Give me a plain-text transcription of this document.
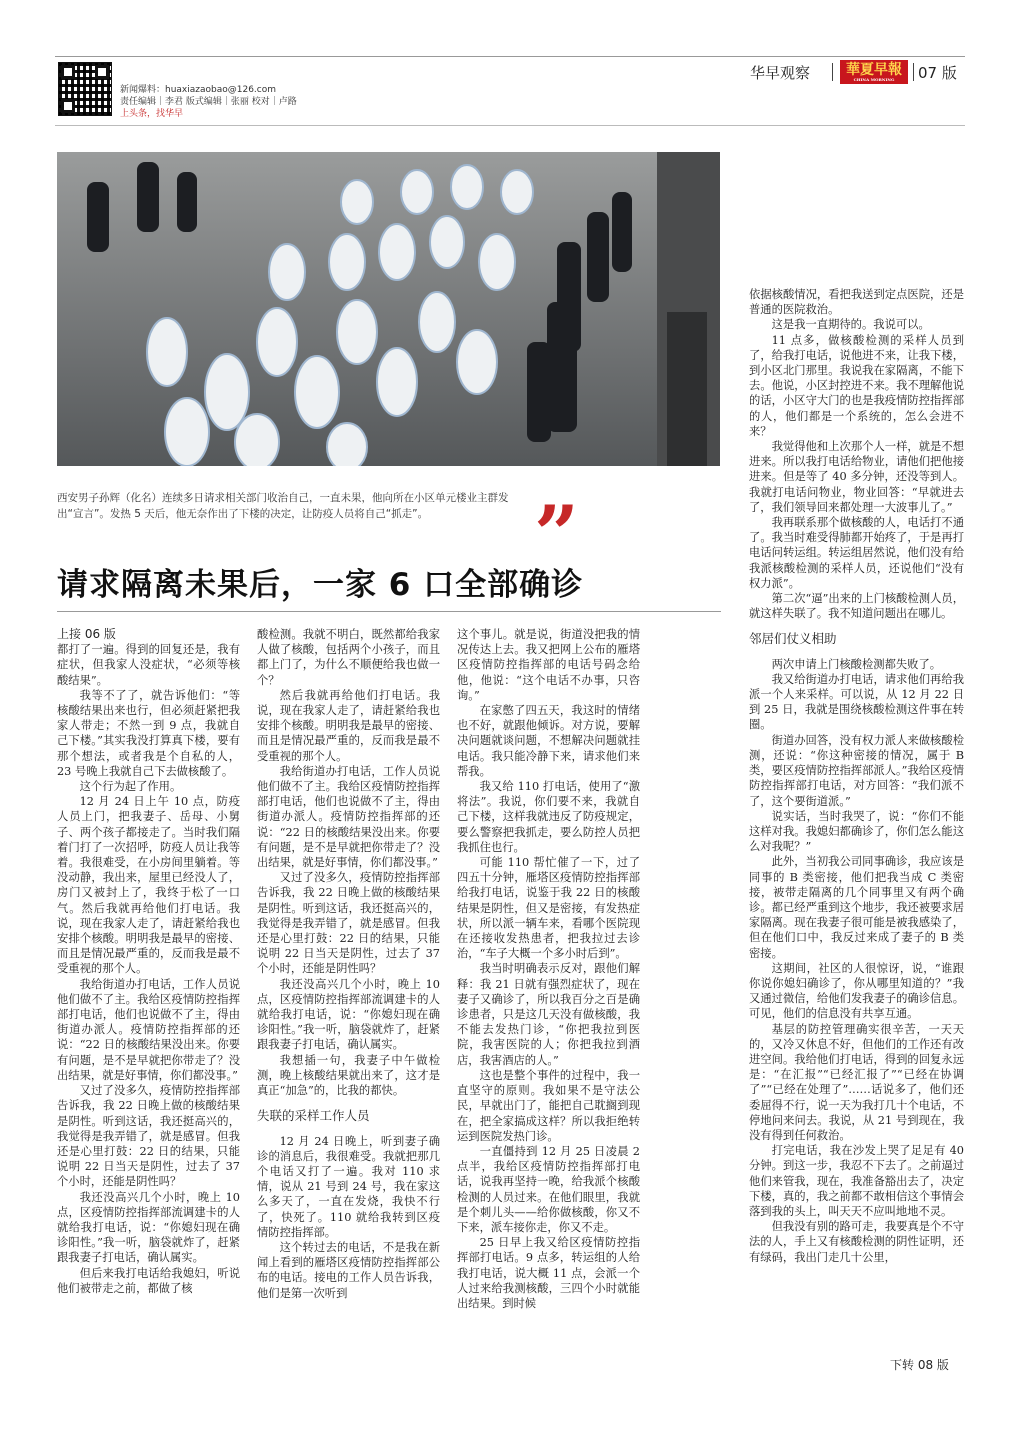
新闻爆料：huaxiazaobao@126.com
责任编辑｜李君 版式编辑｜张丽 校对｜卢路
上头条，找华早
华早观察	華夏早報
CHINA MORNING NEWSPAPER
07 版
西安男子孙辉（化名）连续多日请求相关部门收治自己，一直未果，他向所在小区单元楼业主群发出“宣言”。发热 5 天后，他无奈作出了下楼的决定，让防疫人员将自己“抓走”。	”
请求隔离未果后，一家 6 口全部确诊
上接 06 版

都打了一遍。得到的回复还是，我有症状，但我家人没症状，“必须等核酸结果”。

我等不了了，就告诉他们：“等核酸结果出来也行，但必须赶紧把我家人带走；不然一到 9 点，我就自己下楼。”其实我没打算真下楼，要有那个想法，或者我是个自私的人，23 号晚上我就自己下去做核酸了。

这个行为起了作用。

12 月 24 日上午 10 点，防疫人员上门，把我妻子、岳母、小舅子、两个孩子都接走了。当时我们隔着门打了一次招呼，防疫人员让我等着。我很难受，在小房间里躺着。等没动静，我出来，屋里已经没人了，房门又被封上了，我终于松了一口气。然后我就再给他们打电话。我说，现在我家人走了，请赶紧给我也安排个核酸。明明我是最早的密接、而且是情况最严重的，反而我是最不受重视的那个人。

我给街道办打电话，工作人员说他们做不了主。我给区疫情防控指挥部打电话，他们也说做不了主，得由街道办派人。疫情防控指挥部的还说：“22 日的核酸结果没出来。你要有问题，是不是早就把你带走了？没出结果，就是好事情，你们都没事。”

又过了没多久，疫情防控指挥部告诉我，我 22 日晚上做的核酸结果是阴性。听到这话，我还挺高兴的，我觉得是我弄错了，就是感冒。但我还是心里打鼓：22 日的结果，只能说明 22 日当天是阴性，过去了 37 个小时，还能是阴性吗？

我还没高兴几个小时，晚上 10 点，区疫情防控指挥部流调建卡的人就给我打电话，说：“你媳妇现在确诊阳性。”我一听，脑袋就炸了，赶紧跟我妻子打电话，确认属实。

但后来我打电话给我媳妇，听说他们被带走之前，都做了核

酸检测。我就不明白，既然都给我家人做了核酸，包括两个小孩子，而且都上门了，为什么不顺便给我也做一个？

然后我就再给他们打电话。我说，现在我家人走了，请赶紧给我也安排个核酸。明明我是最早的密接、而且是情况最严重的，反而我是最不受重视的那个人。

我给街道办打电话，工作人员说他们做不了主。我给区疫情防控指挥部打电话，他们也说做不了主，得由街道办派人。疫情防控指挥部的还说：“22 日的核酸结果没出来。你要有问题，是不是早就把你带走了？没出结果，就是好事情，你们都没事。”

又过了没多久，疫情防控指挥部告诉我，我 22 日晚上做的核酸结果是阴性。听到这话，我还挺高兴的，我觉得是我弄错了，就是感冒。但我还是心里打鼓：22 日的结果，只能说明 22 日当天是阴性，过去了 37 个小时，还能是阴性吗？

我还没高兴几个小时，晚上 10 点，区疫情防控指挥部流调建卡的人就给我打电话，说：“你媳妇现在确诊阳性。”我一听，脑袋就炸了，赶紧跟我妻子打电话，确认属实。

我想插一句，我妻子中午做检测，晚上核酸结果就出来了，这才是真正“加急”的，比我的都快。

失联的采样工作人员

12 月 24 日晚上，听到妻子确诊的消息后，我很难受。我就把那几个电话又打了一遍。我对 110 求情，说从 21 号到 24 号，我在家这么多天了，一直在发烧，我快不行了，快死了。110 就给我转到区疫情防控指挥部。

这个转过去的电话，不是我在新闻上看到的雁塔区疫情防控指挥部公布的电话。接电的工作人员告诉我，他们是第一次听到

这个事儿。就是说，街道没把我的情况传达上去。我又把网上公布的雁塔区疫情防控指挥部的电话号码念给他，他说：“这个电话不办事，只咨询。”

在家憋了四五天，我这时的情绪也不好，就跟他倾诉。对方说，要解决问题就谈问题，不想解决问题就挂电话。我只能冷静下来，请求他们来帮我。

我又给 110 打电话，使用了“激将法”。我说，你们要不来，我就自己下楼，这样我就违反了防疫规定，要么警察把我抓走，要么防控人员把我抓住也行。

可能 110 帮忙催了一下，过了四五十分钟，雁塔区疫情防控指挥部给我打电话，说鉴于我 22 日的核酸结果是阴性，但又是密接，有发热症状，所以派一辆车来，看哪个医院现在还接收发热患者，把我拉过去诊治，“车子大概一个多小时后到”。

我当时明确表示反对，跟他们解释：我 21 日就有强烈症状了，现在妻子又确诊了，所以我百分之百是确诊患者，只是这几天没有做核酸，我不能去发热门诊，“你把我拉到医院，我害医院的人；你把我拉到酒店，我害酒店的人。”

这也是整个事件的过程中，我一直坚守的原则。我如果不是守法公民，早就出门了，能把自己耽搁到现在，把全家搞成这样？所以我拒绝转运到医院发热门诊。

一直僵持到 12 月 25 日凌晨 2 点半，我给区疫情防控指挥部打电话，说我再坚持一晚，给我派个核酸检测的人员过来。在他们眼里，我就是个刺儿头——给你做核酸，你又不下来，派车接你走，你又不走。

25 日早上我又给区疫情防控指挥部打电话。9 点多，转运组的人给我打电话，说大概 11 点，会派一个人过来给我测核酸，三四个小时就能出结果。到时候

依据核酸情况，看把我送到定点医院，还是普通的医院救治。

这是我一直期待的。我说可以。

11 点多，做核酸检测的采样人员到了，给我打电话，说他进不来，让我下楼，到小区北门那里。我说我在家隔离，不能下去。他说，小区封控进不来。我不理解他说的话，小区守大门的也是我疫情防控指挥部的人，他们都是一个系统的，怎么会进不来？

我觉得他和上次那个人一样，就是不想进来。所以我打电话给物业，请他们把他接进来。但是等了 40 多分钟，还没等到人。我就打电话问物业，物业回答：“早就进去了，我们领导回来都处理一大波事儿了。”

我再联系那个做核酸的人，电话打不通了。我当时难受得肺都开始疼了，于是再打电话问转运组。转运组居然说，他们没有给我派核酸检测的采样人员，还说他们“没有权力派”。

第二次“逼”出来的上门核酸检测人员，就这样失联了。我不知道问题出在哪儿。

邻居们仗义相助

两次申请上门核酸检测都失败了。

我又给街道办打电话，请求他们再给我派一个人来采样。可以说，从 12 月 22 日到 25 日，我就是围绕核酸检测这件事在转圈。

街道办回答，没有权力派人来做核酸检测，还说：“你这种密接的情况，属于 B 类，要区疫情防控指挥部派人。”我给区疫情防控指挥部打电话，对方回答：“我们派不了，这个要街道派。”

说实话，当时我哭了，说：“你们不能这样对我。我媳妇都确诊了，你们怎么能这么对我呢？”

此外，当初我公司同事确诊，我应该是同事的 B 类密接，他们把我当成 C 类密接，被带走隔离的几个同事里又有两个确诊。都已经严重到这个地步，我还被要求居家隔离。现在我妻子很可能是被我感染了，但在他们口中，我反过来成了妻子的 B 类密接。

这期间，社区的人很惊讶，说，“谁跟你说你媳妇确诊了，你从哪里知道的？”我又通过微信，给他们发我妻子的确诊信息。可见，他们的信息没有共享互通。

基层的防控管理确实很辛苦，一天天的，又冷又休息不好，但他们的工作还有改进空间。我给他们打电话，得到的回复永远是：“在汇报”“已经汇报了”“已经在协调了”“已经在处理了”……话说多了，他们还委屈得不行，说一天为我打几十个电话，不停地问来问去。我说，从 21 号到现在，我没有得到任何救治。

打完电话，我在沙发上哭了足足有 40 分钟。到这一步，我忍不下去了。之前逼过他们来管我，现在，我准备豁出去了，决定下楼，真的，我之前都不敢相信这个事情会落到我的头上，叫天天不应叫地地不灵。

但我没有别的路可走，我要真是个不守法的人，手上又有核酸检测的阴性证明，还有绿码，我出门走几十公里，

下转 08 版
